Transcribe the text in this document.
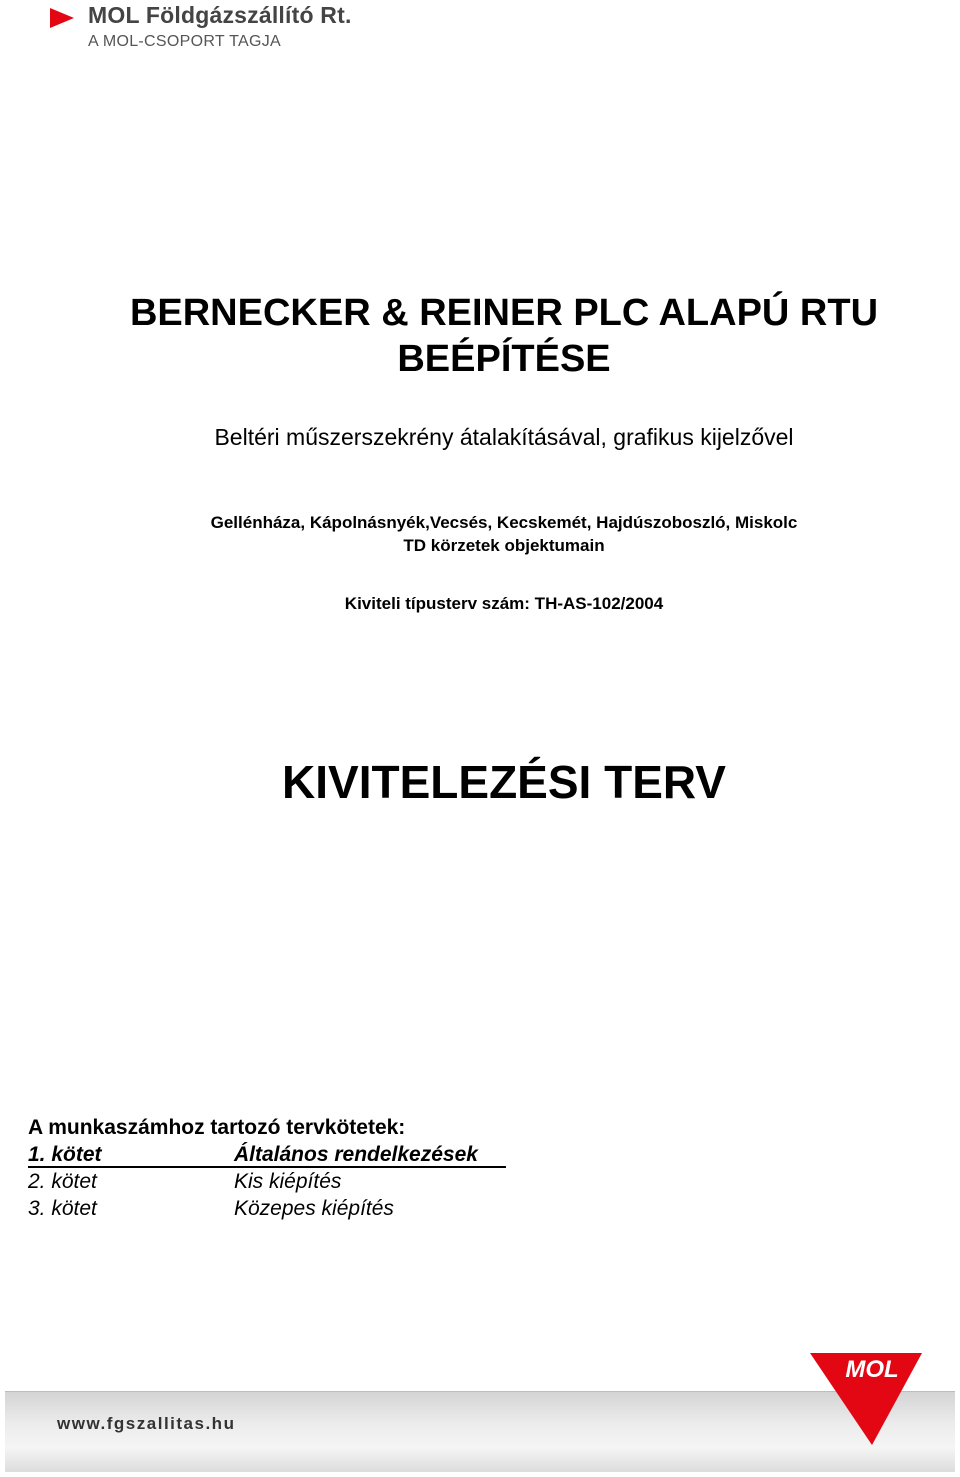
MOL Földgázszállító Rt.
A MOL-CSOPORT TAGJA
BERNECKER & REINER PLC ALAPÚ RTU
BEÉPÍTÉSE
Beltéri műszerszekrény átalakításával, grafikus kijelzővel
Gellénháza, Kápolnásnyék,Vecsés, Kecskemét, Hajdúszoboszló, Miskolc
TD körzetek objektumain
Kiviteli típusterv szám: TH-AS-102/2004
KIVITELEZÉSI TERV
A munkaszámhoz tartozó tervkötetek:
1. kötet	Általános rendelkezések
2. kötet	Kis kiépítés
3. kötet	Közepes kiépítés
www.fgszallitas.hu
MOL
